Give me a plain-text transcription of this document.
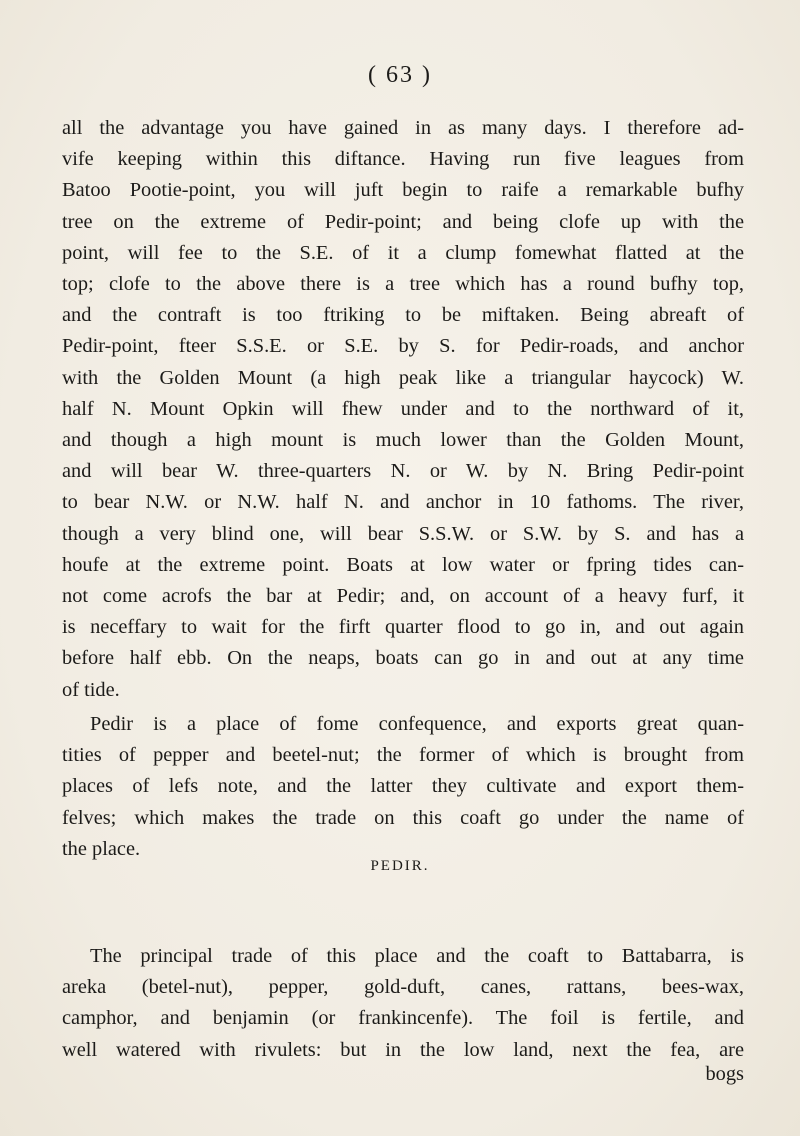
( 63 )
all the advantage you have gained in as many days. I therefore ad-
vife keeping within this diftance. Having run five leagues from
Batoo Pootie-point, you will juft begin to raife a remarkable bufhy
tree on the extreme of Pedir-point; and being clofe up with the
point, will fee to the S.E. of it a clump fomewhat flatted at the
top; clofe to the above there is a tree which has a round bufhy top,
and the contraft is too ftriking to be miftaken. Being abreaft of
Pedir-point, fteer S.S.E. or S.E. by S. for Pedir-roads, and anchor
with the Golden Mount (a high peak like a triangular haycock) W.
half N. Mount Opkin will fhew under and to the northward of it,
and though a high mount is much lower than the Golden Mount,
and will bear W. three-quarters N. or W. by N. Bring Pedir-point
to bear N.W. or N.W. half N. and anchor in 10 fathoms. The river,
though a very blind one, will bear S.S.W. or S.W. by S. and has a
houfe at the extreme point. Boats at low water or fpring tides can-
not come acrofs the bar at Pedir; and, on account of a heavy furf, it
is neceffary to wait for the firft quarter flood to go in, and out again
before half ebb. On the neaps, boats can go in and out at any time
of tide.
Pedir is a place of fome confequence, and exports great quan-
tities of pepper and beetel-nut; the former of which is brought from
places of lefs note, and the latter they cultivate and export them-
felves; which makes the trade on this coaft go under the name of
the place.
PEDIR.
The principal trade of this place and the coaft to Battabarra, is
areka (betel-nut), pepper, gold-duft, canes, rattans, bees-wax,
camphor, and benjamin (or frankincenfe). The foil is fertile, and
well watered with rivulets: but in the low land, next the fea, are
bogs
